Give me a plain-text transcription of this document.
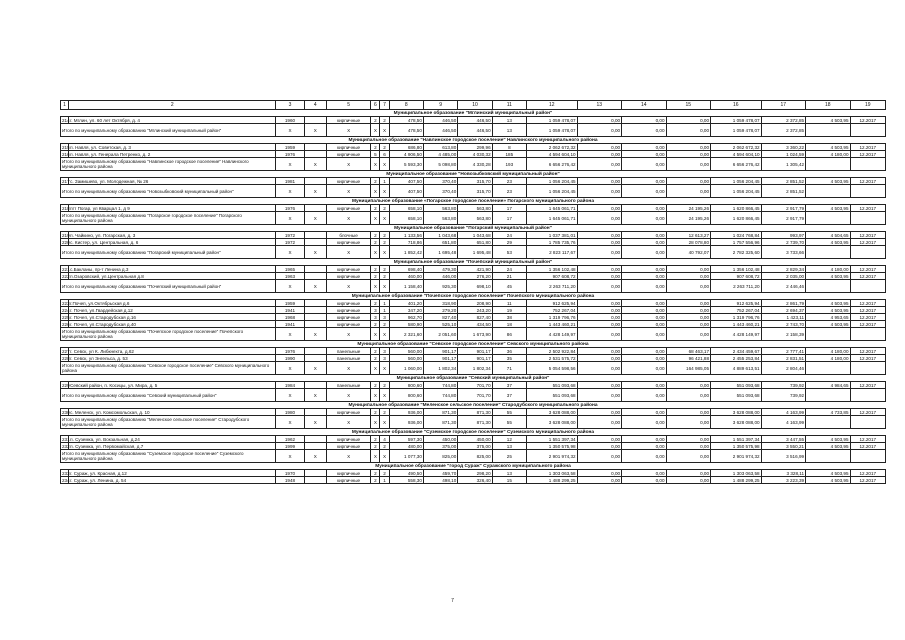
1	2	3	4	5	6	7	8	9	10	11	12	13	14	15	16	17	18	19
Муниципальное образование "Мглинский муниципальный район"																		
214	г. Мглин, ул. 60 лет Октября, д. 4	1960		кирпичные	2	2	478,50	446,50	446,50	13	1 059 478,07	0,00	0,00	0,00	1 059 478,07	2 372,85	4 503,95	12.2017
Итого по муниципальному образованию "Мглинский муниципальный район"		X	X	X	X	X	478,50	446,50	446,50	13	1 059 478,07	0,00	0,00	0,00	1 059 478,07	2 372,85		
Муниципальное образование "Навлинское городское поселение" Навлинского муниципального района																		
215	п. Навля, ул. Советская, д. 3	1959		кирпичные	2	2	686,80	613,80	299,96	8	2 062 672,32	0,00	0,00	0,00	2 062 672,32	3 360,22	4 503,95	12.2017
216	п. Навля, ул. Генерала Петренко, д. 2	1976		кирпичные	5	6	4 906,50	4 485,00	4 030,32	185	4 594 604,10	0,00	0,00	0,00	4 594 604,10	1 024,59	4 180,00	12.2017
Итого по муниципальному образованию "Навлинское городское поселение" Навлинского муниципального района		X	X	X	X	X	5 593,30	5 098,80	4 330,28	193	6 656 276,42	0,00	0,00	0,00	6 656 276,42	1 305,42		
Муниципальное образование "Новозыбковский муниципальный район"																		
217	с. Замишево, ул. Молодежная, № 26	1981		кирпичные	2	1	407,50	370,40	315,70	23	1 056 204,45	0,00	0,00	0,00	1 056 204,45	2 851,52	4 503,95	12.2017
Итого по муниципальному образованию "Новозыбковский муниципальный район"		X	X	X	X	X	407,50	370,40	315,70	23	1 056 204,45	0,00	0,00	0,00	1 056 204,45	2 851,52		
Муниципальное образование «Погарское городское поселение» Погарского муниципального района																		
218	пгт Погар, ул Кварцал 1, д 9	1976		кирпичные	2	2	658,10	563,80	563,80	17	1 645 061,71	0,00	0,00	24 195,26	1 620 866,45	2 917,79	4 503,95	12.2017
Итого по муниципальному образованию "Погарское городское поселение" Погарского муниципального района		X	X	X	X	X	658,10	563,80	563,80	17	1 645 061,71	0,00	0,00	24 195,26	1 620 866,45	2 917,79		
Муниципальное образование "Погарский муниципальный район"																		
219	п. Чайкино, ул. Погарская, д. 3	1972		блочные	2	2	1 133,56	1 043,68	1 043,68	24	1 037 381,01	0,00	0,00	12 613,27	1 024 768,84	993,97	4 504,65	12.2017
220	с. Кистер, ул. Центральная, д. 6	1972		кирпичные	2	2	718,86	651,80	651,80	29	1 785 735,76	0,00	0,00	28 078,80	1 757 556,96	2 739,70	4 503,95	12.2017
Итого по муниципальному образованию "Погарский муниципальный район"		X	X	X	X	X	1 852,42	1 695,48	1 695,48	53	2 823 117,67	0,00	0,00	40 792,07	2 782 325,60	3 733,66		
Муниципальное образование "Почепский муниципальный район"																		
221	с.Бакланы, пр-т Ленина д.3	1965		кирпичные	2	2	698,40	479,30	421,90	24	1 356 102,48	0,00	0,00	0,00	1 356 102,48	2 829,34	4 180,00	12.2017
222	п.Озаровский, ул.Центральная д.8	1963		кирпичные	2	2	460,00	446,00	276,20	21	907 608,72	0,00	0,00	0,00	907 608,72	2 035,00	4 503,95	12.2017
Итого по муниципальному образованию "Почепский муниципальный район"		X	X	X	X	X	1 158,40	925,30	698,10	45	2 263 711,20	0,00	0,00	0,00	2 263 711,20	2 446,46		
Муниципальное образование "Почепское городское поселение" Почепского муниципального района																		
223	г.Почеп, ул.Октябрьская д.6	1959		кирпичные	2	1	401,20	318,90	208,90	11	912 625,94	0,00	0,00	0,00	912 625,94	2 861,79	4 503,95	12.2017
224	г. Почеп, ул.Гвардейская д.12	1941		кирпичные	3	1	347,20	279,20	243,20	19	752 267,04	0,00	0,00	0,00	752 267,04	2 694,37	4 503,95	12.2017
225	г. Почеп, ул.Стародубская д.16	1968		кирпичные	3	3	962,70	827,40	827,40	38	1 319 796,76	0,00	0,00	0,00	1 319 796,76	1 423,11	4 953,65	12.2017
226	г. Почеп, ул.Стародубская д.40	1941		кирпичные	2	2	580,90	525,10	434,50	18	1 443 460,21	0,00	0,00	0,00	1 443 460,21	2 743,70	4 503,95	12.2017
Итого по муниципальному образованию "Почепское городское поселение" Почепского муниципального района		X	X	X	X	X	2 321,60	2 051,60	1 673,90	86	4 428 149,97	0,00	0,00	0,00	4 428 149,97	2 158,39		
Муниципальное образование "Севское городское поселение" Севского муниципального района																		
227	г. Севск, ул К. Либкнехта, д.62	1976		панельные	2	3	560,00	901,17	901,17	36	2 502 922,84	0,00	0,00	68 463,17	2 434 459,67	2 777,41	4 180,00	12.2017
228	г. Севск, ул Энгельса, д. 53	1990		панельные	2	3	560,00	901,17	901,17	35	2 531 575,72	0,00	0,00	96 421,88	2 455 253,84	2 831,51	4 180,00	12.2017
Итого по муниципальному образованию "Севское городское поселение" Севского муниципального района		X	X	X	X	X	1 060,00	1 802,34	1 802,34	71	5 054 598,56	0,00	0,00	164 985,05	4 889 613,51	2 804,46		
Муниципальное образование "Севский муниципальный район"																		
229	Севский район, п. Косицы, ул. Мира, д. 5	1984		панельные	2	2	800,60	744,80	701,70	37	551 093,68	0,00	0,00	0,00	551 093,68	739,92	4 984,65	12.2017
Итого по муниципальному образованию "Севский муниципальный район"		X	X	X	X	X	800,60	744,80	701,70	37	551 093,68	0,00	0,00	0,00	551 093,68	739,92		
Муниципальное образование "Меленское сельское поселение" Стародубского муниципального района																		
230	с. Меленск, ул. Комсомольская, д. 10	1980		кирпичные	2	2	936,00	871,30	871,30	55	3 628 088,00	0,00	0,00	0,00	3 628 088,00	4 163,99	4 733,85	12.2017
Итого по муниципальному образованию "Меленское сельское поселение" Стародубского муниципального района		X	X	X	X	X	936,00	871,30	871,30	55	3 628 088,00	0,00	0,00	0,00	3 628 088,00	4 163,99		
Муниципальное образование "Суземское городское поселение" Суземского муниципального района																		
231	п. Суземка, ул. Вокзальная, д.24	1962		кирпичные	2	4	597,30	450,00	450,00	12	1 551 397,34	0,00	0,00	0,00	1 551 397,34	3 447,55	4 503,95	12.2017
232	п. Суземка, ул. Первомайская, д.7	1999		кирпичные	2	2	480,00	375,00	375,00	13	1 350 575,98	0,00	0,00	0,00	1 350 575,98	3 550,21	4 503,95	12.2017
Итого по муниципальному образованию "Суземское городское поселение" Суземского муниципального района		X	X	X	X	X	1 077,30	825,00	825,00	25	2 901 974,32	0,00	0,00	0,00	2 901 974,32	3 516,99		
Муниципальное образование "город Сураж" Суражского муниципального района																		
233	г. Сураж, ул. Красная, д.12	1970		кирпичные	2	2	490,50	459,70	298,20	13	1 303 063,58	0,00	0,00	0,00	1 303 063,58	3 328,11	4 503,95	12.2017
234	г. Сураж, ул. Ленина, д. 54	1948		кирпичные	2	1	558,30	498,10	326,40	15	1 488 299,25	0,00	0,00	0,00	1 488 299,25	3 223,39	4 503,95	12.2017
7
